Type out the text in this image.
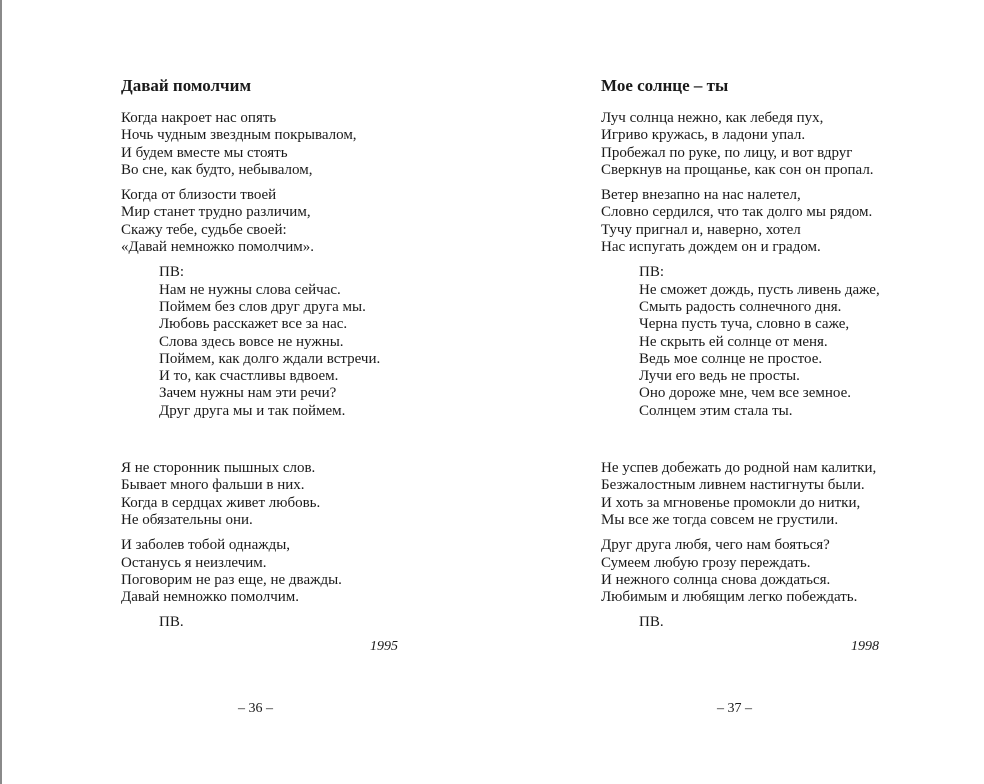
Давай помолчим

Когда накроет нас опять
Ночь чудным звездным покрывалом,
И будем вместе мы стоять
Во сне, как будто, небывалом,

Когда от близости твоей
Мир станет трудно различим,
Скажу тебе, судьбе своей:
«Давай немножко помолчим».

ПВ:
Нам не нужны слова сейчас.
Поймем без слов друг друга мы.
Любовь расскажет все за нас.
Слова здесь вовсе не нужны.
Поймем, как долго ждали встречи.
И то, как счастливы вдвоем.
Зачем нужны нам эти речи?
Друг друга мы и так поймем.

Я не сторонник пышных слов.
Бывает много фальши в них.
Когда в сердцах живет любовь.
Не обязательны они.

И заболев тобой однажды,
Останусь я неизлечим.
Поговорим не раз еще, не дважды.
Давай немножко помолчим.

ПВ.

1995
– 36 –
Мое солнце – ты

Луч солнца нежно, как лебедя пух,
Игриво кружась, в ладони упал.
Пробежал по руке, по лицу, и вот вдруг
Сверкнув на прощанье, как сон он пропал.

Ветер внезапно на нас налетел,
Словно сердился, что так долго мы рядом.
Тучу пригнал и, наверно, хотел
Нас испугать дождем он и градом.

ПВ:
Не сможет дождь, пусть ливень даже,
Смыть радость солнечного дня.
Черна пусть туча, словно в саже,
Не скрыть ей солнце от меня.
Ведь мое солнце не простое.
Лучи его ведь не просты.
Оно дороже мне, чем все земное.
Солнцем этим стала ты.

Не успев добежать до родной нам калитки,
Безжалостным ливнем настигнуты были.
И хоть за мгновенье промокли до нитки,
Мы все же тогда совсем не грустили.

Друг друга любя, чего нам бояться?
Сумеем любую грозу переждать.
И нежного солнца снова дождаться.
Любимым и любящим легко побеждать.

ПВ.

1998
– 37 –
